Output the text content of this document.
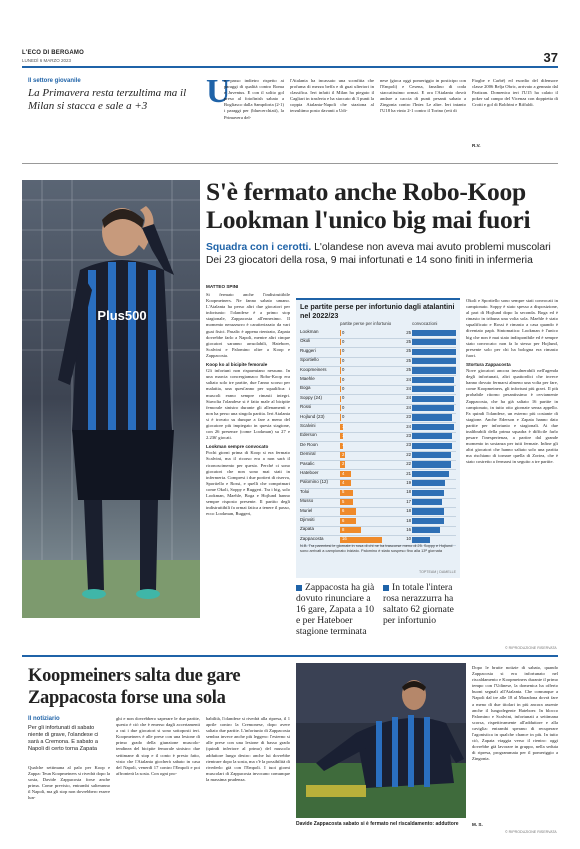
L'ECO DI BERGAMO
LUNEDÌ 6 MARZO 2023	37
Il settore giovanile
La Primavera resta terzultima ma il Milan si stacca e sale a +3	U

n passo indietro rispetto ai paraggi di qualità contro Roma e Juventus. E con il solito gol preso al fotofinish sabato a Bogliasco dalla Sampdoria (2-1) i paraggi per (bluecerchiati), la Primavera del-

l'Atalanta ha incassato una sconfitta che profuma di mezza beffa e di guai ulteriori in classifica. Ieri infatti il Milan ha piegato il Cagliari in trasferta e ha staccato di 3 punti la coppia Atalanta-Napoli che staziona al terzultimo posto davanti a Udi-

nese (gioca oggi pomeriggio in posticipo con l'Empoli) e Cesena, fanalino di coda staccatissimo ormai. E ora l'Atalanta dovrà andare a caccia di punti pesanti sabato a Zingonia contro l'Inter. Le altre. Ieri intanto l'U18 ha vinto 2-1 contro il Torino (reti di

Fiogbe e Carbé) ed esordio del difensore classe 2006 Relja Obric, arrivato a gennaio dal Partizan. Domenica ieri l'U15 ha calato il poker sul campo del Vicenza con doppietta di Crotti e gol di Boldrini e Riffaldi.

R.V.
Plus500
S'è fermato anche Robo-Koop Lookman l'unico big mai fuori
Squadra con i cerotti. L'olandese non aveva mai avuto problemi muscolari Dei 23 giocatori della rosa, 9 mai infortunati e 14 sono finiti in infermeria
MATTEO SPINI

Si fermato anche l'indistruttibile Koopmeiners. Ne fanno sabato umano. L'Atalanta ha perso altri due giocatori per infortunio: l'olandese è a primo stop stagionale, Zappacosta all'ennesimo. Il momento nerazzurro è caratterizzato da vari guai fisici. Pasalic è appena rientrato, Zapata dovrebbe farlo a Napoli, mentre altri cinque giocatori saranno arruolabili, Hateboer, Scalvini e Palomino oltre a Koop e Zappacosta.

Koop ko al bicipite femorale

Gli infortuni non risparmiano nessuno. In una marcia concergiamaco Robo-Koop era saltato solo tre partite, due l'anno scorso per malattia, una quest'anno per squalifica: i muscoli erano sempre rimasti integri. Stavolta l'olandese si è fatto male al bicipite femorale sinistro durante gli allenamenti e non ha perso una singola partita. Ieri Atalanta si è trovato su dunque a fare a meno del giocatore più impiegato in questa stagione, con 26 presenze (come Lookman) su 27 e 2.236' giocati.

Lookman sempre convocato

Pochi giorni prima di Koop si era fermato Scalvini, ma il ricorso era a non sarà il riconoscimento per questo. Perché ci sono giocatori che non sono mai stati in infermeria. Compresi i due portieri di riserva, Sportiello e Rossi, e quelli che comprimari come Okoli, Soppy e Ruggeri. Tra i big, solo Lookman, Maehle, Boga e Hojlund hanno sempre risposto presente. Il partito degli indistruttibili fa ormai fatica a tenere il passo, ecco Lookman, Ruggeri,

Okoli e Sportiello sono sempre stati convocati in campionato. Soppy è stato spesso a disposizione, al pari di Hojlund dopo la seconda. Boga ed è rimasto in tribuna una volta sola. Maehle è stato squalificato e Rossi è rimasto a casa quando è diventato papà. Sintomatica: Lookman è l'unico big che non è mai stato indisponibile ed è sempre stato convocato: non fa lo stesso per Hojlund, presente solo per chi ha bologna era rimasto fuori.

Stortura Zappacosta

Nove giocatori ancora invulnerabili nell'agenda degli infortunati, altri quattordici che invece hanno dovuto fermarsi almeno una volta per fare, come Koopmeiners, gli infortuni più gravi. Il più probabile ritorno pesantissimo è ovviamente Zappacosta, che ha già saltato 16 partite in campionato, in tutto otto giornate senza appello. Fa quindi l'olandese, un esterno più costante di stagione. Anche Ederson e Zapata hanno dato partite per infortunio e stagionali. Ai due inalibrabili della prima squadra è difficile farlo pesare l'inesperienza, a partire dal grande momento in sostanza per tutti fermate. Infine gli altri giocatori che hanno saltato solo una partita ma rischiano di tornare quella di Zortea, che è stato costretto a fermarsi in seguito a tre partite.

© RIPRODUZIONE RISERVATA
Le partite perse per infortunio dagli atalantini nel 2022/23
partite perse per infortunio	convocazioni
Lookman	0	25
Okoli	0	25
Ruggeri	0	25
Sportiello	0	25
Koopmeiners	0	25
Maehle	0	24
Boga	0	24
Soppy (24)	0	24
Rossi	0	24
Hojlund (23)	0	23
Scalvini	1	24
Ederson	1	23
De Roon	1	23
Demiral	2	22
Pasalic	2	22
Hateboer	4	21
Palomino (12)	4	19
Toloi	5	18
Musso	5	17
Muriel	6	18
Djimsiti	6	18
Zapata	8	16
Zappacosta	16	10
N.B. Tra parentesi le giornate in rosa di chi ne ha trascorse meno di 25. Soppy e Hojlund sono arrivati a campionato iniziato. Palomino è stato sospeso fino alla 13ª giornata
TOPTEAM | DAMELLE
Zappacosta ha già dovuto rinunciare a 16 gare, Zapata a 10 e per Hateboer stagione terminata
In totale l'intera rosa nerazzurra ha saltato 62 giornate per infortunio
Koopmeiners salta due gare Zappacosta forse una sola
Il notiziario
Per gli infortunati di sabato niente di grave, l'olandese ci sarà a Cremona. E sabato a Napoli di certo torna Zapata

Qualche settimana al palo per Koop e Zappa: Teun Koopmeiners si rivedrà dopo la sosta, Davide Zappacosta forse anche prima. Come previsto, entrambi salteranno il Napoli, ma gli stop non dovrebbero essere lun-

ghi e non dovrebbero saperare le due partite, questo è ciò che è emerso dagli accertamenti a cui i due giocatori si sono sottoposti ieri. Koopmeiners è alle prese con una lesione di primo grado della giunzione muscolo-tendinea del bicipite femorale sinistro: due settimane di stop e il conto è presto fatto, visto che l'Atalanta giocherà sabato in casa del Napoli, venerdì 17 contro l'Empoli e poi affronterà la sosta. Con ogni pro-

babilità, l'olandese si rivedrà alla ripresa, il 1 aprile contro la Cremonese, dopo avere saltato due partite. L'infortunio di Zappacosta sembra invece anche più leggero: l'esterno si alle prese con una lesione di basso grado (quindi inferiore al primo) del muscolo adduttore lungo destro: anche lui dovrebbe rientrare dopo la sosta, ma c'è la possibilità di rivederlo già con l'Empoli. I tuoi giorni muscolari di Zappacosta invocano comunque la massima prudenza.

Davide Zappacosta sabato si è fermato nel riscaldamento: adduttore

Dopo le brutte notizie di sabato, quando Zappacosta si era infortunato nel riscaldamento e Koopmeiners durante il primo tempo con l'Udinese, la domenica ha offerto buoni segnali all'Atalanta. Che comunque a Napoli dal tre alle 18 al Maradona dovrà fare a meno di due titolari in più ancora assente anche il lungodegente Hateboer. In blocco Palomino e Scalvini, infortunati a settimana scorsa, rispettivamente all'adduttore e alla caviglia: entrambi sperano di recuperare l'agonistica in qualche chance in più. In tutto ciò, Zapata viaggia verso il rientro: oggi dovrebbe già lavorare in gruppo, nella seduta di ripresa, programmata per il pomeriggio a Zingonia.

M. S.
© RIPRODUZIONE RISERVATA
